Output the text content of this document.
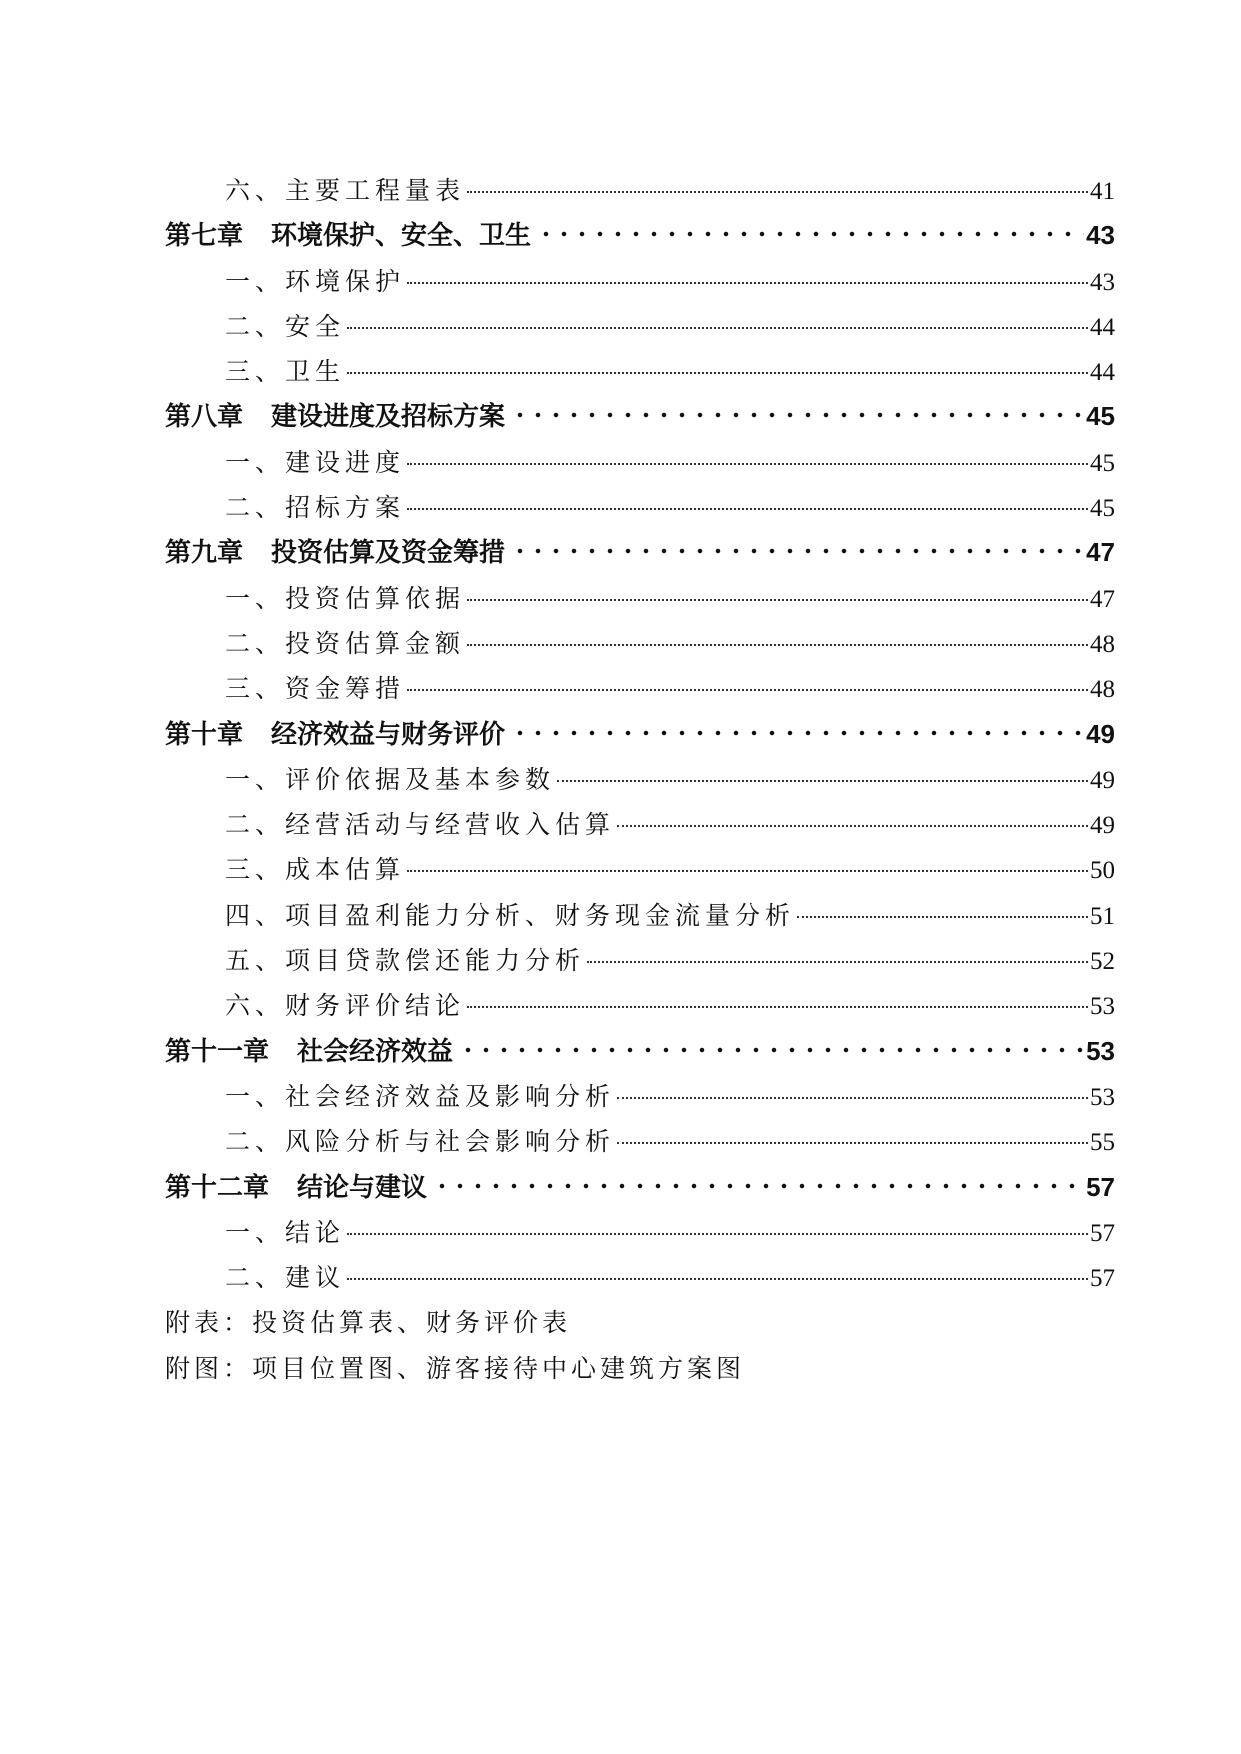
六、主要工程量表	41
第七章 环境保护、安全、卫生	43
一、环境保护	43
二、安全	44
三、卫生	44
第八章 建设进度及招标方案	45
一、建设进度	45
二、招标方案	45
第九章 投资估算及资金筹措	47
一、投资估算依据	47
二、投资估算金额	48
三、资金筹措	48
第十章 经济效益与财务评价	49
一、评价依据及基本参数	49
二、经营活动与经营收入估算	49
三、成本估算	50
四、项目盈利能力分析、财务现金流量分析	51
五、项目贷款偿还能力分析	52
六、财务评价结论	53
第十一章 社会经济效益	53
一、社会经济效益及影响分析	53
二、风险分析与社会影响分析	55
第十二章 结论与建议	57
一、结论	57
二、建议	57
附表：投资估算表、财务评价表
附图：项目位置图、游客接待中心建筑方案图
